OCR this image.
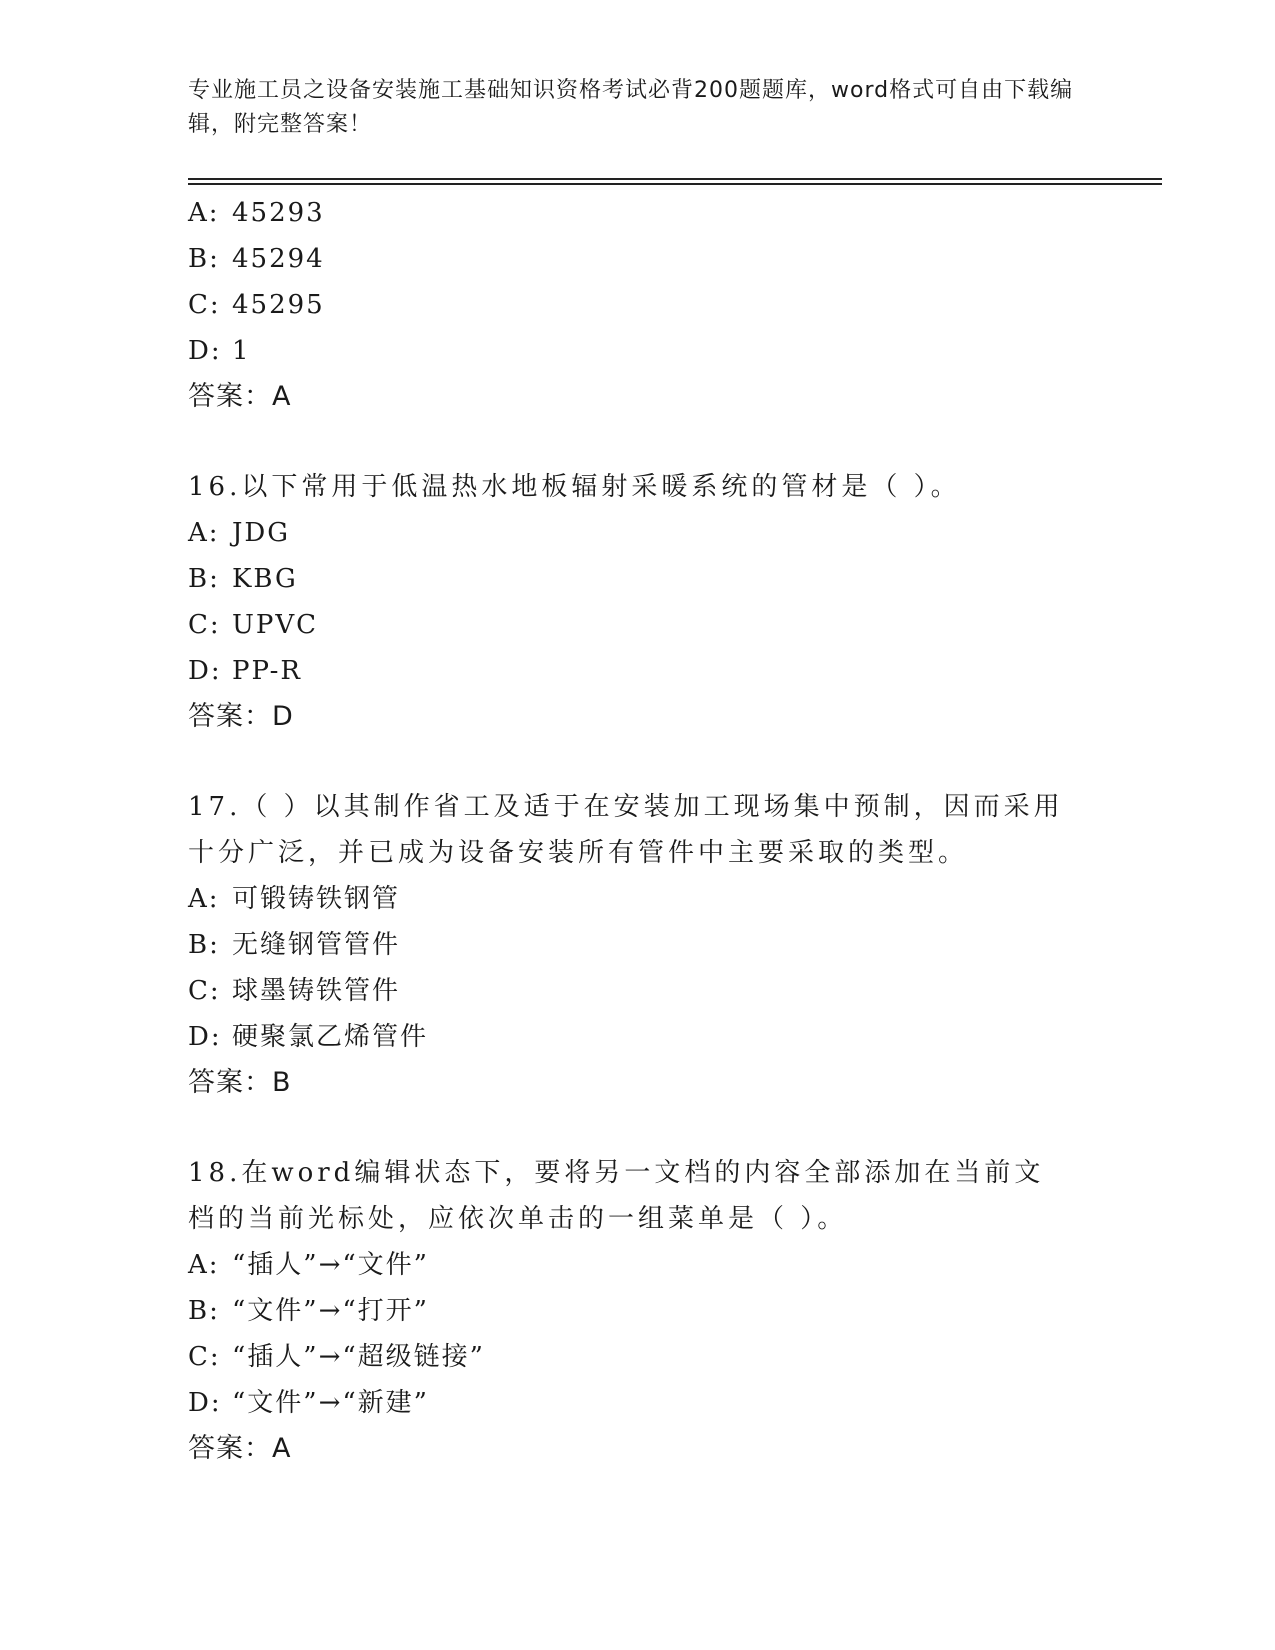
专业施工员之设备安装施工基础知识资格考试必背200题题库，word格式可自由下载编辑，附完整答案！
A: 45293
B: 45294
C: 45295
D: 1
答案：A
16.以下常用于低温热水地板辐射采暖系统的管材是（ ）。
A: JDG
B: KBG
C: UPVC
D: PP-R
答案：D
17.（ ）以其制作省工及适于在安装加工现场集中预制，因而采用十分广泛，并已成为设备安装所有管件中主要采取的类型。
A: 可锻铸铁钢管
B: 无缝钢管管件
C: 球墨铸铁管件
D: 硬聚氯乙烯管件
答案：B
18.在word编辑状态下，要将另一文档的内容全部添加在当前文档的当前光标处，应依次单击的一组菜单是（ ）。
A: “插人”→“文件”
B: “文件”→“打开”
C: “插人”→“超级链接”
D: “文件”→“新建”
答案：A
